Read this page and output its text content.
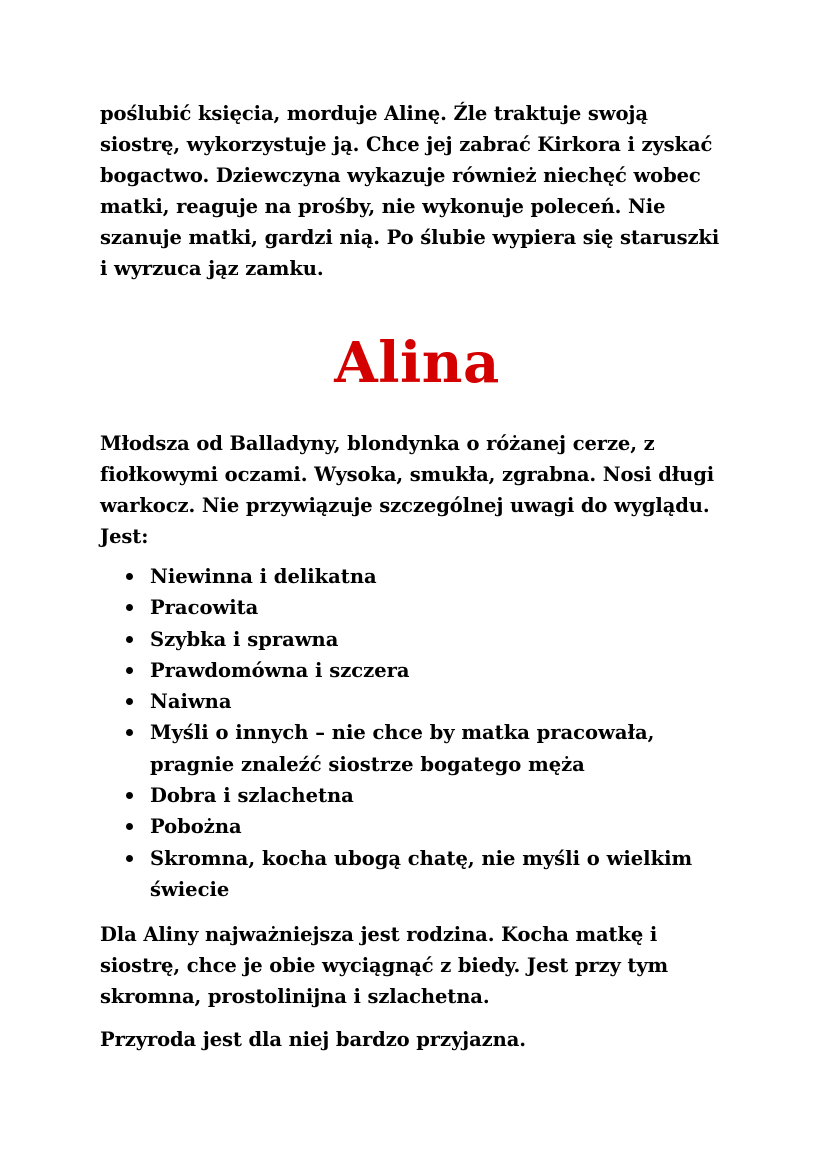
poślubić księcia, morduje Alinę. Źle traktuje swoją siostrę, wykorzystuje ją. Chce jej zabrać Kirkora i zyskać bogactwo. Dziewczyna wykazuje również niechęć wobec matki, reaguje na prośby, nie wykonuje poleceń. Nie szanuje matki, gardzi nią. Po ślubie wypiera się staruszki i wyrzuca jąz zamku.

Alina

Młodsza od Balladyny, blondynka o różanej cerze, z fiołkowymi oczami. Wysoka, smukła, zgrabna. Nosi długi warkocz. Nie przywiązuje szczególnej uwagi do wyglądu. Jest:

Niewinna i delikatna
Pracowita
Szybka i sprawna
Prawdomówna i szczera
Naiwna
Myśli o innych – nie chce by matka pracowała, pragnie znaleźć siostrze bogatego męża
Dobra i szlachetna
Pobożna
Skromna, kocha ubogą chatę, nie myśli o wielkim świecie

Dla Aliny najważniejsza jest rodzina. Kocha matkę i siostrę, chce je obie wyciągnąć z biedy. Jest przy tym skromna, prostolinijna i szlachetna.

Przyroda jest dla niej bardzo przyjazna.
